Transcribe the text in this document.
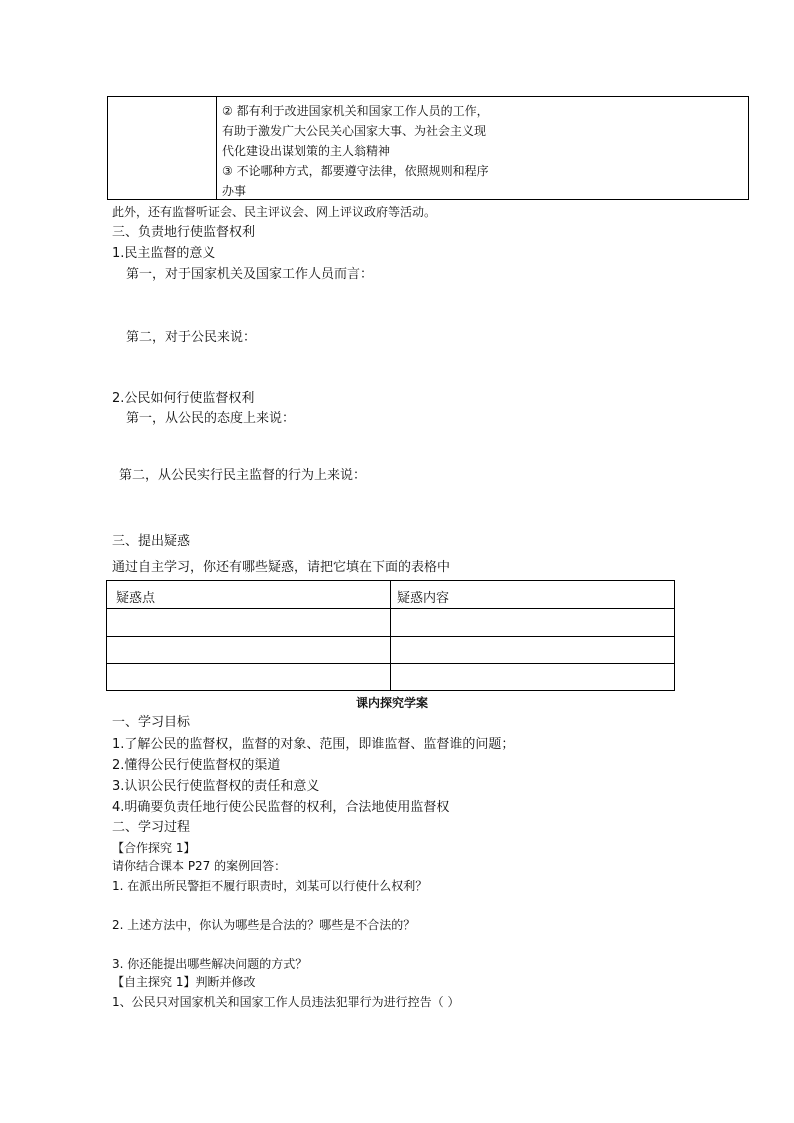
② 都有利于改进国家机关和国家工作人员的工作，
有助于激发广大公民关心国家大事、为社会主义现
代化建设出谋划策的主人翁精神
③ 不论哪种方式，都要遵守法律，依照规则和程序
办事
此外，还有监督听证会、民主评议会、网上评议政府等活动。
三、负责地行使监督权利
1.民主监督的意义
第一，对于国家机关及国家工作人员而言：
第二，对于公民来说：
2.公民如何行使监督权利
第一，从公民的态度上来说：
第二，从公民实行民主监督的行为上来说：
三、提出疑惑
通过自主学习，你还有哪些疑惑，请把它填在下面的表格中
疑惑点	疑惑内容
课内探究学案
一、学习目标
1.了解公民的监督权，监督的对象、范围，即谁监督、监督谁的问题；
2.懂得公民行使监督权的渠道
3.认识公民行使监督权的责任和意义
4.明确要负责任地行使公民监督的权利，合法地使用监督权
二、学习过程
【合作探究 1】
请你结合课本 P27 的案例回答：
1. 在派出所民警拒不履行职责时，刘某可以行使什么权利？
2. 上述方法中，你认为哪些是合法的？哪些是不合法的？
3. 你还能提出哪些解决问题的方式？
【自主探究 1】判断并修改
1、公民只对国家机关和国家工作人员违法犯罪行为进行控告（ ）
